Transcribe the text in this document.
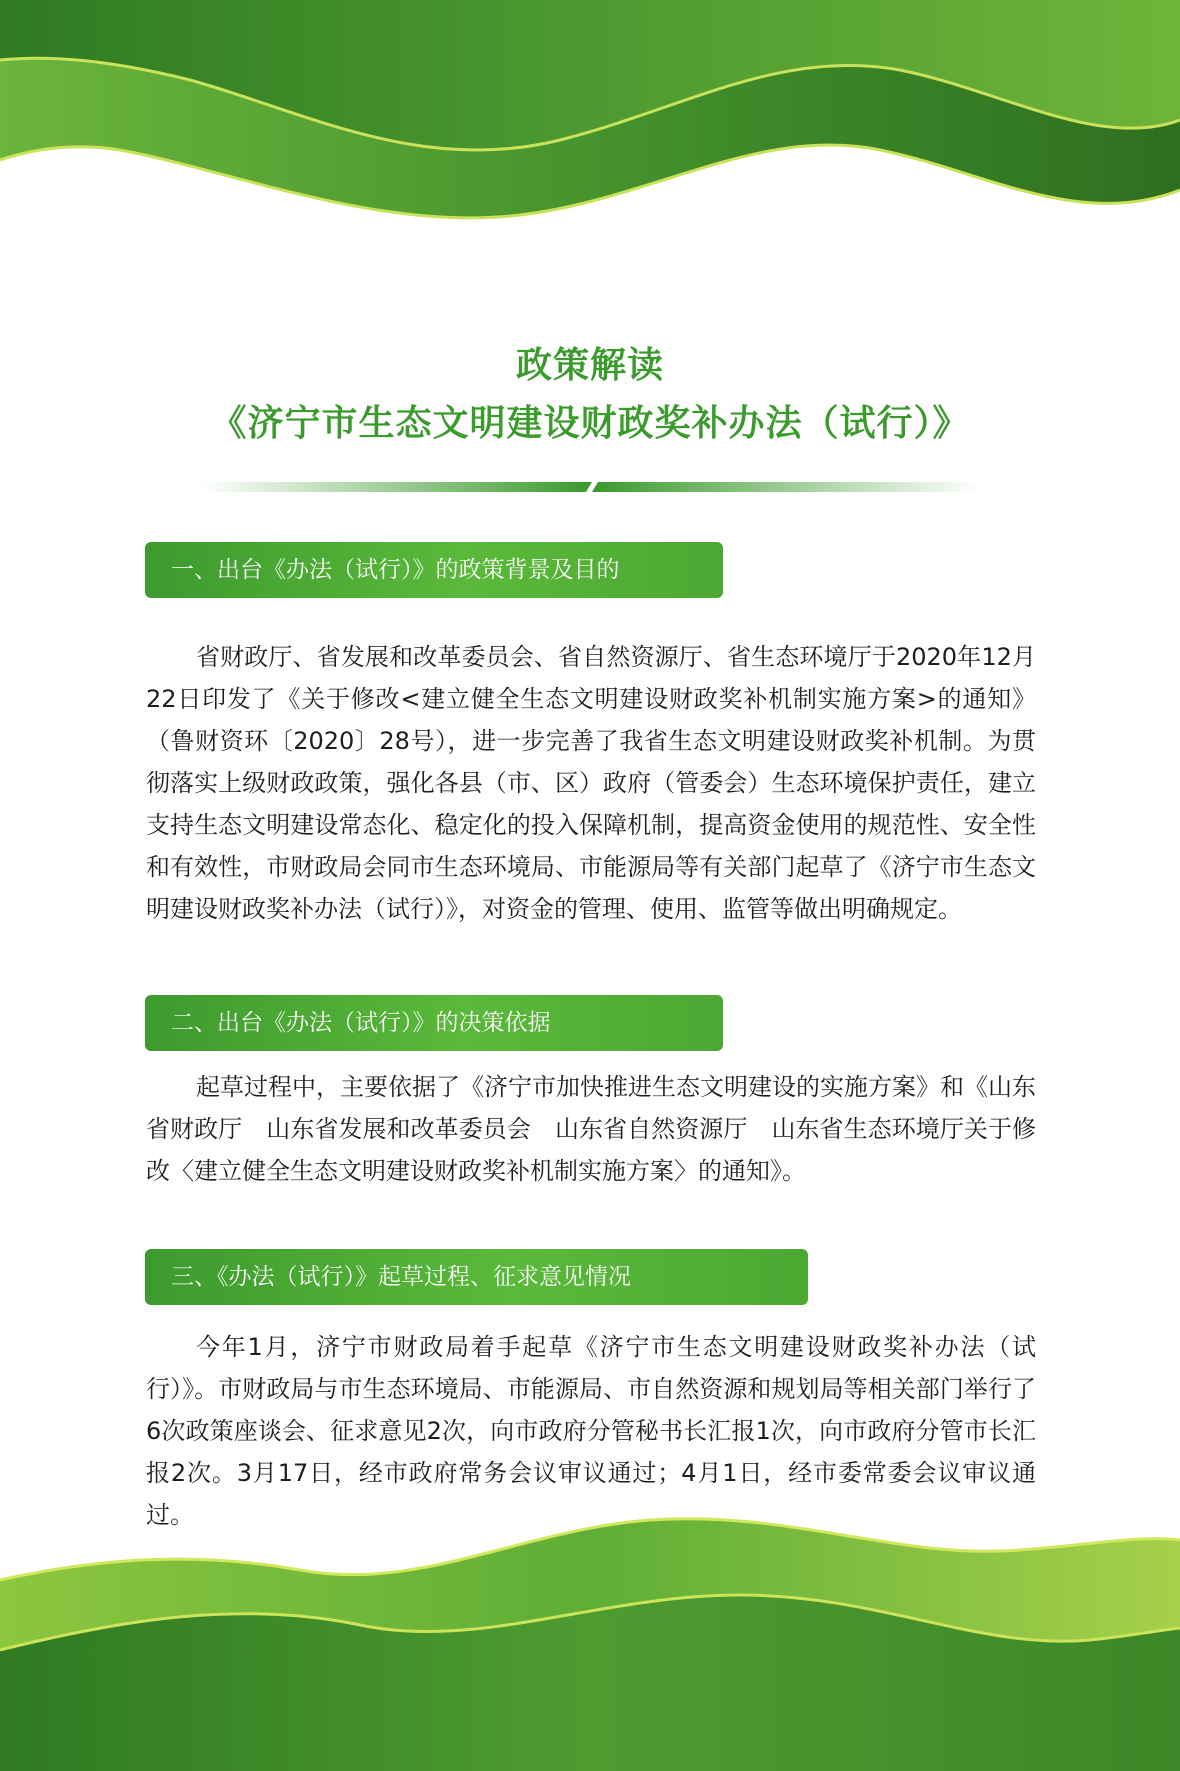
政策解读
《济宁市生态文明建设财政奖补办法（试行）》
一、出台《办法（试行）》的政策背景及目的

省财政厅、省发展和改革委员会、省自然资源厅、省生态环境厅于2020年12月22日印发了《关于修改<建立健全生态文明建设财政奖补机制实施方案>的通知》（鲁财资环〔2020〕28号），进一步完善了我省生态文明建设财政奖补机制。为贯彻落实上级财政政策，强化各县（市、区）政府（管委会）生态环境保护责任，建立支持生态文明建设常态化、稳定化的投入保障机制，提高资金使用的规范性、安全性和有效性，市财政局会同市生态环境局、市能源局等有关部门起草了《济宁市生态文明建设财政奖补办法（试行）》，对资金的管理、使用、监管等做出明确规定。

二、出台《办法（试行）》的决策依据

起草过程中，主要依据了《济宁市加快推进生态文明建设的实施方案》和《山东省财政厅　山东省发展和改革委员会　山东省自然资源厅　山东省生态环境厅关于修改〈建立健全生态文明建设财政奖补机制实施方案〉的通知》。

三、《办法（试行）》起草过程、征求意见情况

今年1月，济宁市财政局着手起草《济宁市生态文明建设财政奖补办法（试行）》。市财政局与市生态环境局、市能源局、市自然资源和规划局等相关部门举行了6次政策座谈会、征求意见2次，向市政府分管秘书长汇报1次，向市政府分管市长汇报2次。3月17日，经市政府常务会议审议通过；4月1日，经市委常委会议审议通过。
